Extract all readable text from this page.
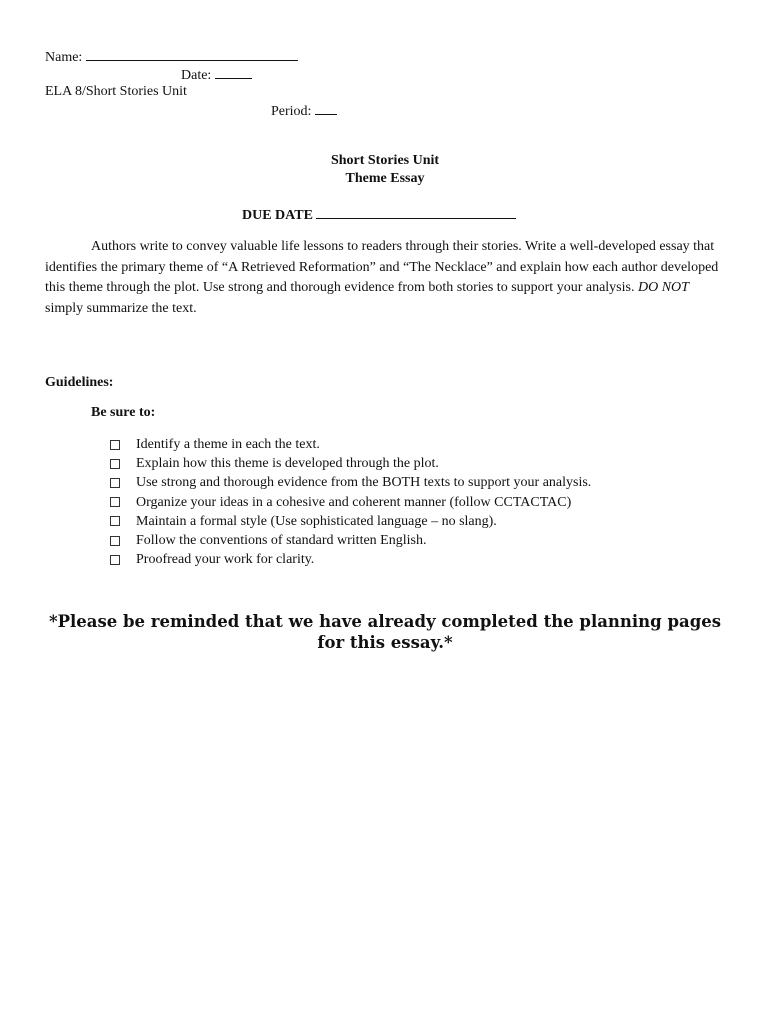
Name:
Date:
ELA 8/Short Stories Unit
Period:
Short Stories Unit
Theme Essay
DUE DATE
Authors write to convey valuable life lessons to readers through their stories. Write a well-developed essay that identifies the primary theme of “A Retrieved Reformation” and “The Necklace” and explain how each author developed this theme through the plot. Use strong and thorough evidence from both stories to support your analysis. DO NOT simply summarize the text.
Guidelines:
Be sure to:
Identify a theme in each the text.
Explain how this theme is developed through the plot.
Use strong and thorough evidence from the BOTH texts to support your analysis.
Organize your ideas in a cohesive and coherent manner (follow CCTACTAC)
Maintain a formal style (Use sophisticated language – no slang).
Follow the conventions of standard written English.
Proofread your work for clarity.
*Please be reminded that we have already completed the planning pages for this essay.*
